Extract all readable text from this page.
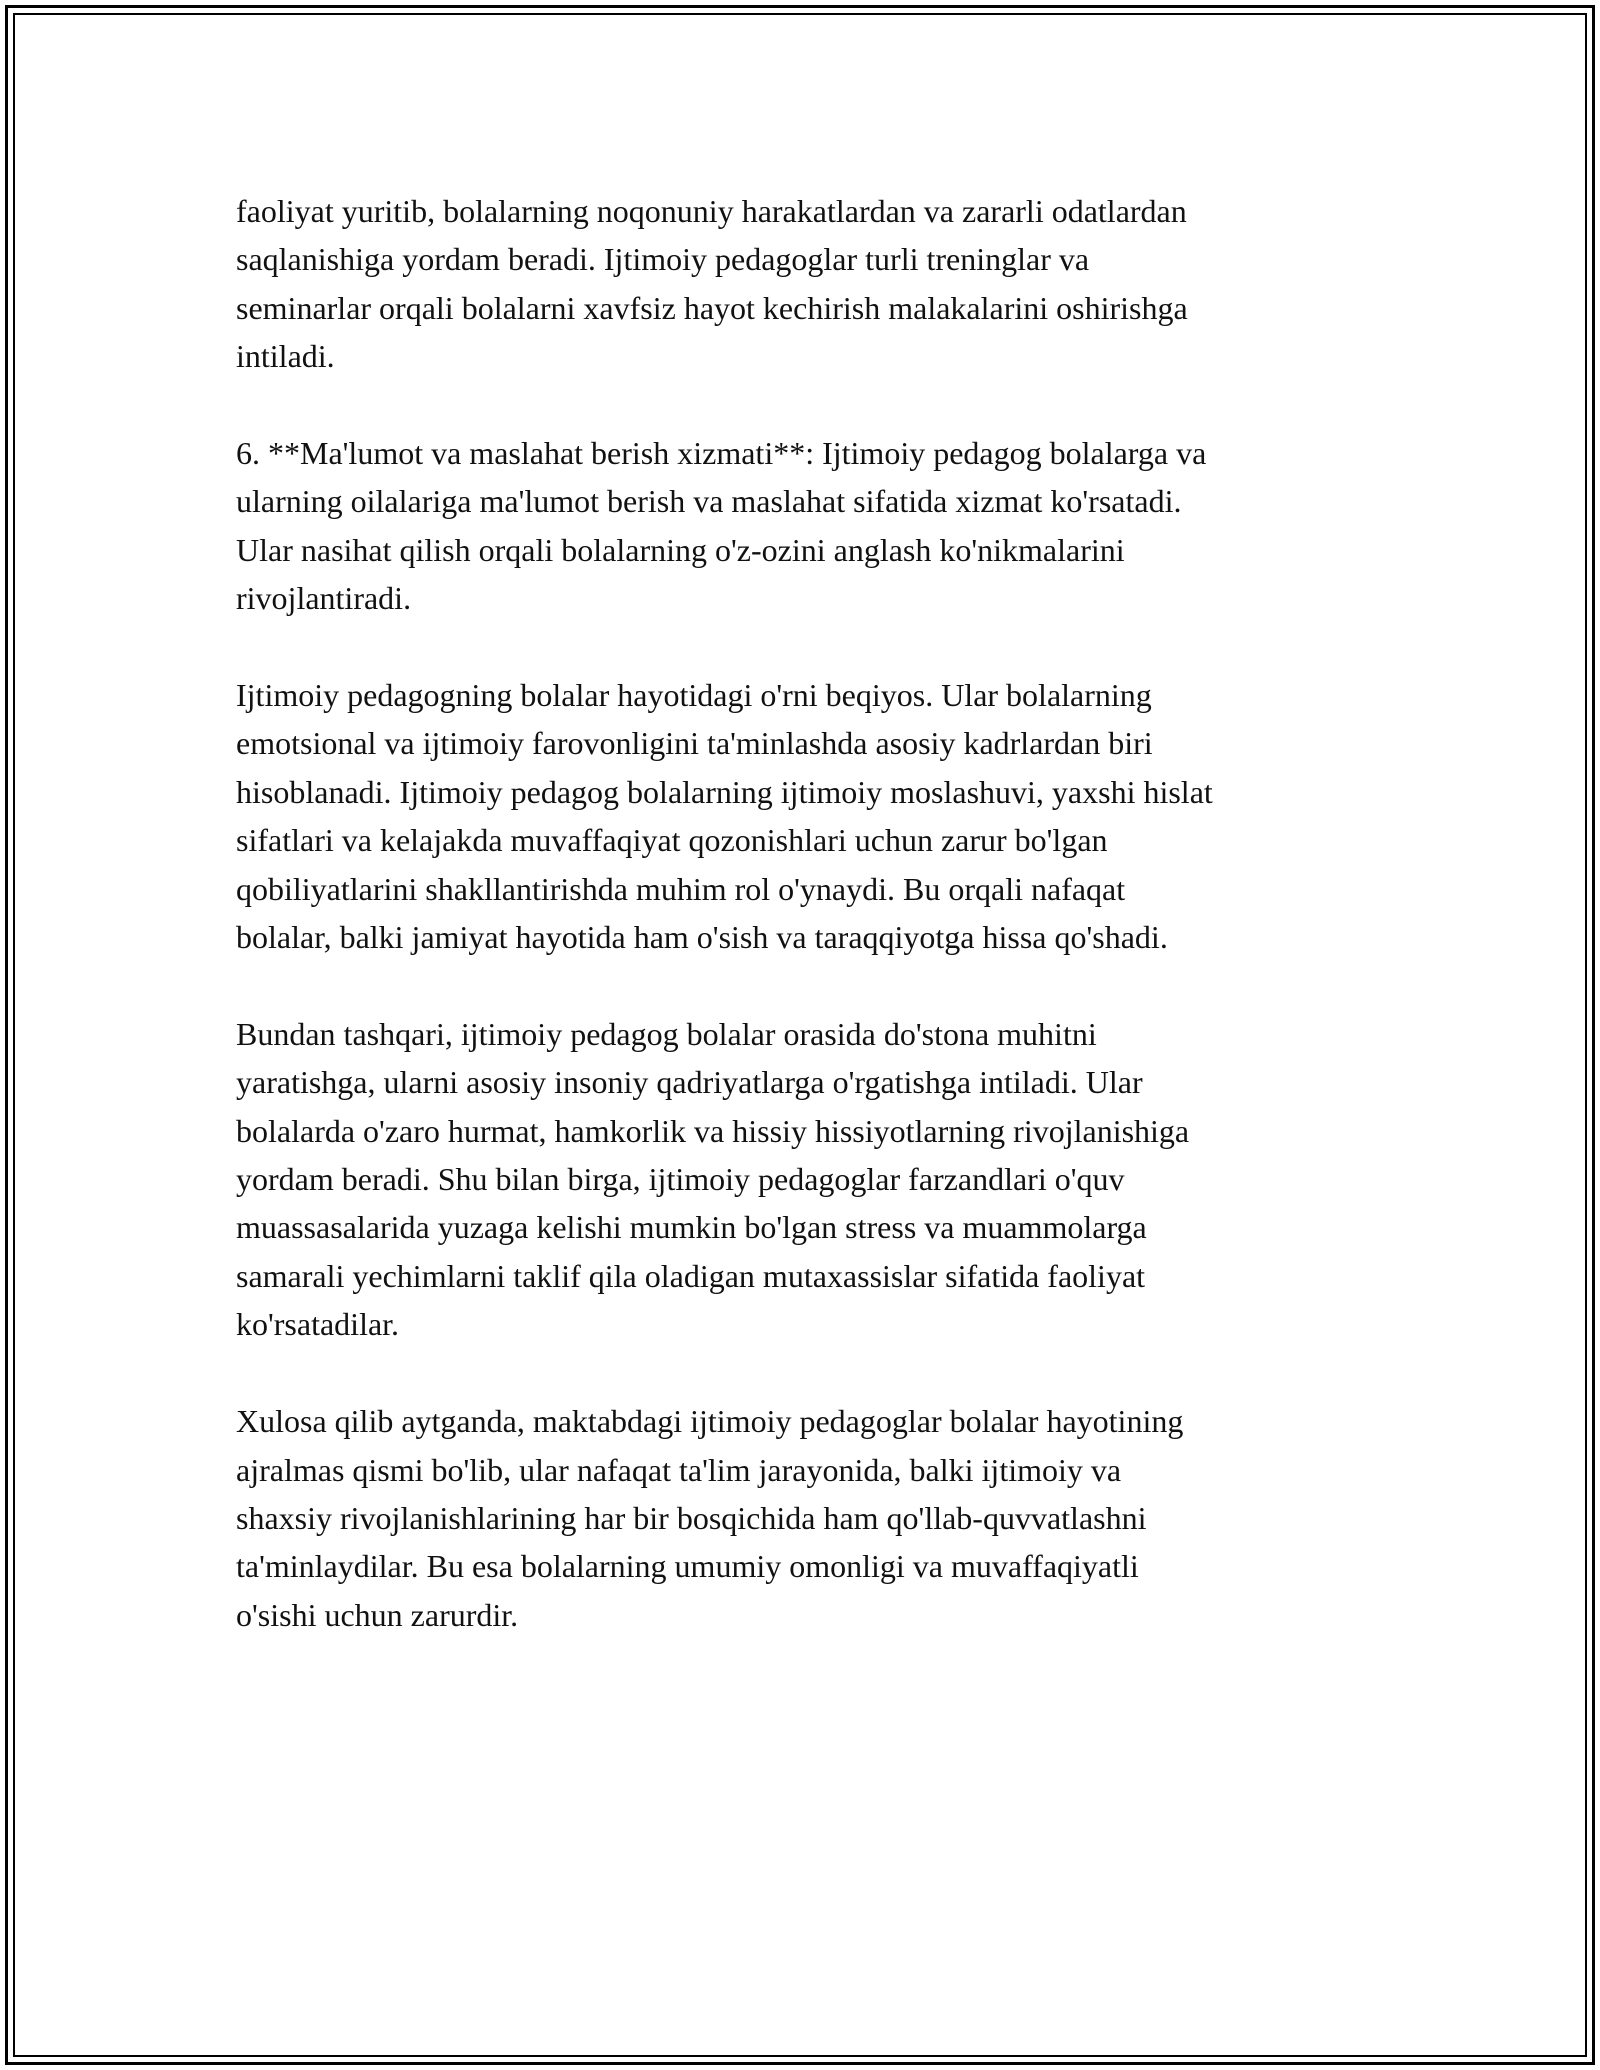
faoliyat yuritib, bolalarning noqonuniy harakatlardan va zararli odatlardan
saqlanishiga yordam beradi. Ijtimoiy pedagoglar turli treninglar va
seminarlar orqali bolalarni xavfsiz hayot kechirish malakalarini oshirishga
intiladi.

6. **Ma'lumot va maslahat berish xizmati**: Ijtimoiy pedagog bolalarga va
ularning oilalariga ma'lumot berish va maslahat sifatida xizmat ko'rsatadi.
Ular nasihat qilish orqali bolalarning o'z-ozini anglash ko'nikmalarini
rivojlantiradi.

Ijtimoiy pedagogning bolalar hayotidagi o'rni beqiyos. Ular bolalarning
emotsional va ijtimoiy farovonligini ta'minlashda asosiy kadrlardan biri
hisoblanadi. Ijtimoiy pedagog bolalarning ijtimoiy moslashuvi, yaxshi hislat
sifatlari va kelajakda muvaffaqiyat qozonishlari uchun zarur bo'lgan
qobiliyatlarini shakllantirishda muhim rol o'ynaydi. Bu orqali nafaqat
bolalar, balki jamiyat hayotida ham o'sish va taraqqiyotga hissa qo'shadi.

Bundan tashqari, ijtimoiy pedagog bolalar orasida do'stona muhitni
yaratishga, ularni asosiy insoniy qadriyatlarga o'rgatishga intiladi. Ular
bolalarda o'zaro hurmat, hamkorlik va hissiy hissiyotlarning rivojlanishiga
yordam beradi. Shu bilan birga, ijtimoiy pedagoglar farzandlari o'quv
muassasalarida yuzaga kelishi mumkin bo'lgan stress va muammolarga
samarali yechimlarni taklif qila oladigan mutaxassislar sifatida faoliyat
ko'rsatadilar.

Xulosa qilib aytganda, maktabdagi ijtimoiy pedagoglar bolalar hayotining
ajralmas qismi bo'lib, ular nafaqat ta'lim jarayonida, balki ijtimoiy va
shaxsiy rivojlanishlarining har bir bosqichida ham qo'llab-quvvatlashni
ta'minlaydilar. Bu esa bolalarning umumiy omonligi va muvaffaqiyatli
o'sishi uchun zarurdir.
